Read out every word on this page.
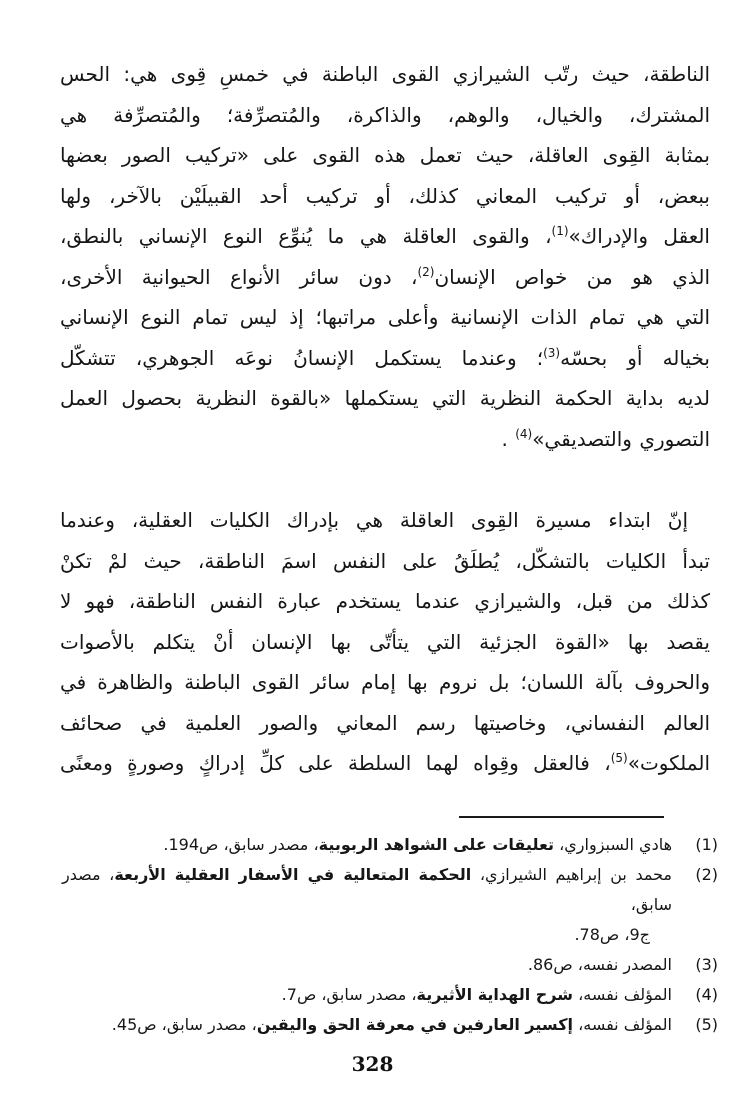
الناطقة، حيث رتّب الشيرازي القوى الباطنة في خمسِ قِوى هي: الحس
المشترك، والخيال، والوهم، والذاكرة، والمُتصرِّفة؛ والمُتصرِّفة هي
بمثابة القِوى العاقلة، حيث تعمل هذه القوى على «تركيب الصور بعضها
ببعض، أو تركيب المعاني كذلك، أو تركيب أحد القبيلَيْن بالآخر، ولها
العقل والإدراك»$^{(1)}$، والقوى العاقلة هي ما يُنوِّع النوع الإنساني بالنطق،
الذي هو من خواص الإنسان$^{(2)}$، دون سائر الأنواع الحيوانية الأخرى،
التي هي تمام الذات الإنسانية وأعلى مراتبها؛ إذ ليس تمام النوع الإنساني
بخياله أو بحسّه$^{(3)}$؛ وعندما يستكمل الإنسانُ نوعَه الجوهري، تتشكّل
لديه بداية الحكمة النظرية التي يستكملها «بالقوة النظرية بحصول العمل
التصوري والتصديقي»$^{(4)}$ .
إنّ ابتداء مسيرة القِوى العاقلة هي بإدراك الكليات العقلية، وعندما
تبدأ الكليات بالتشكّل، يُطلَقُ على النفس اسمَ الناطقة، حيث لمْ تكنْ
كذلك من قبل، والشيرازي عندما يستخدم عبارة النفس الناطقة، فهو لا
يقصد بها «القوة الجزئية التي يتأتّى بها الإنسان أنْ يتكلم بالأصوات
والحروف بآلة اللسان؛ بل نروم بها إمام سائر القوى الباطنة والظاهرة في
العالم النفساني، وخاصيتها رسم المعاني والصور العلمية في صحائف
الملكوت»$^{(5)}$، فالعقل وقِواه لهما السلطة على كلِّ إدراكٍ وصورةٍ ومعنًى
(1)
هادي السبزواري، تعليقات على الشواهد الربوبية، مصدر سابق، ص194.
(2)
محمد بن إبراهيم الشيرازي، الحكمة المتعالية في الأسفار العقلية الأربعة، مصدر سابق،
ج9، ص78.
(3)
المصدر نفسه، ص86.
(4)
المؤلف نفسه، شرح الهداية الأثيرية، مصدر سابق، ص7.
(5)
المؤلف نفسه، إكسير العارفين في معرفة الحق واليقين، مصدر سابق، ص45.
328
